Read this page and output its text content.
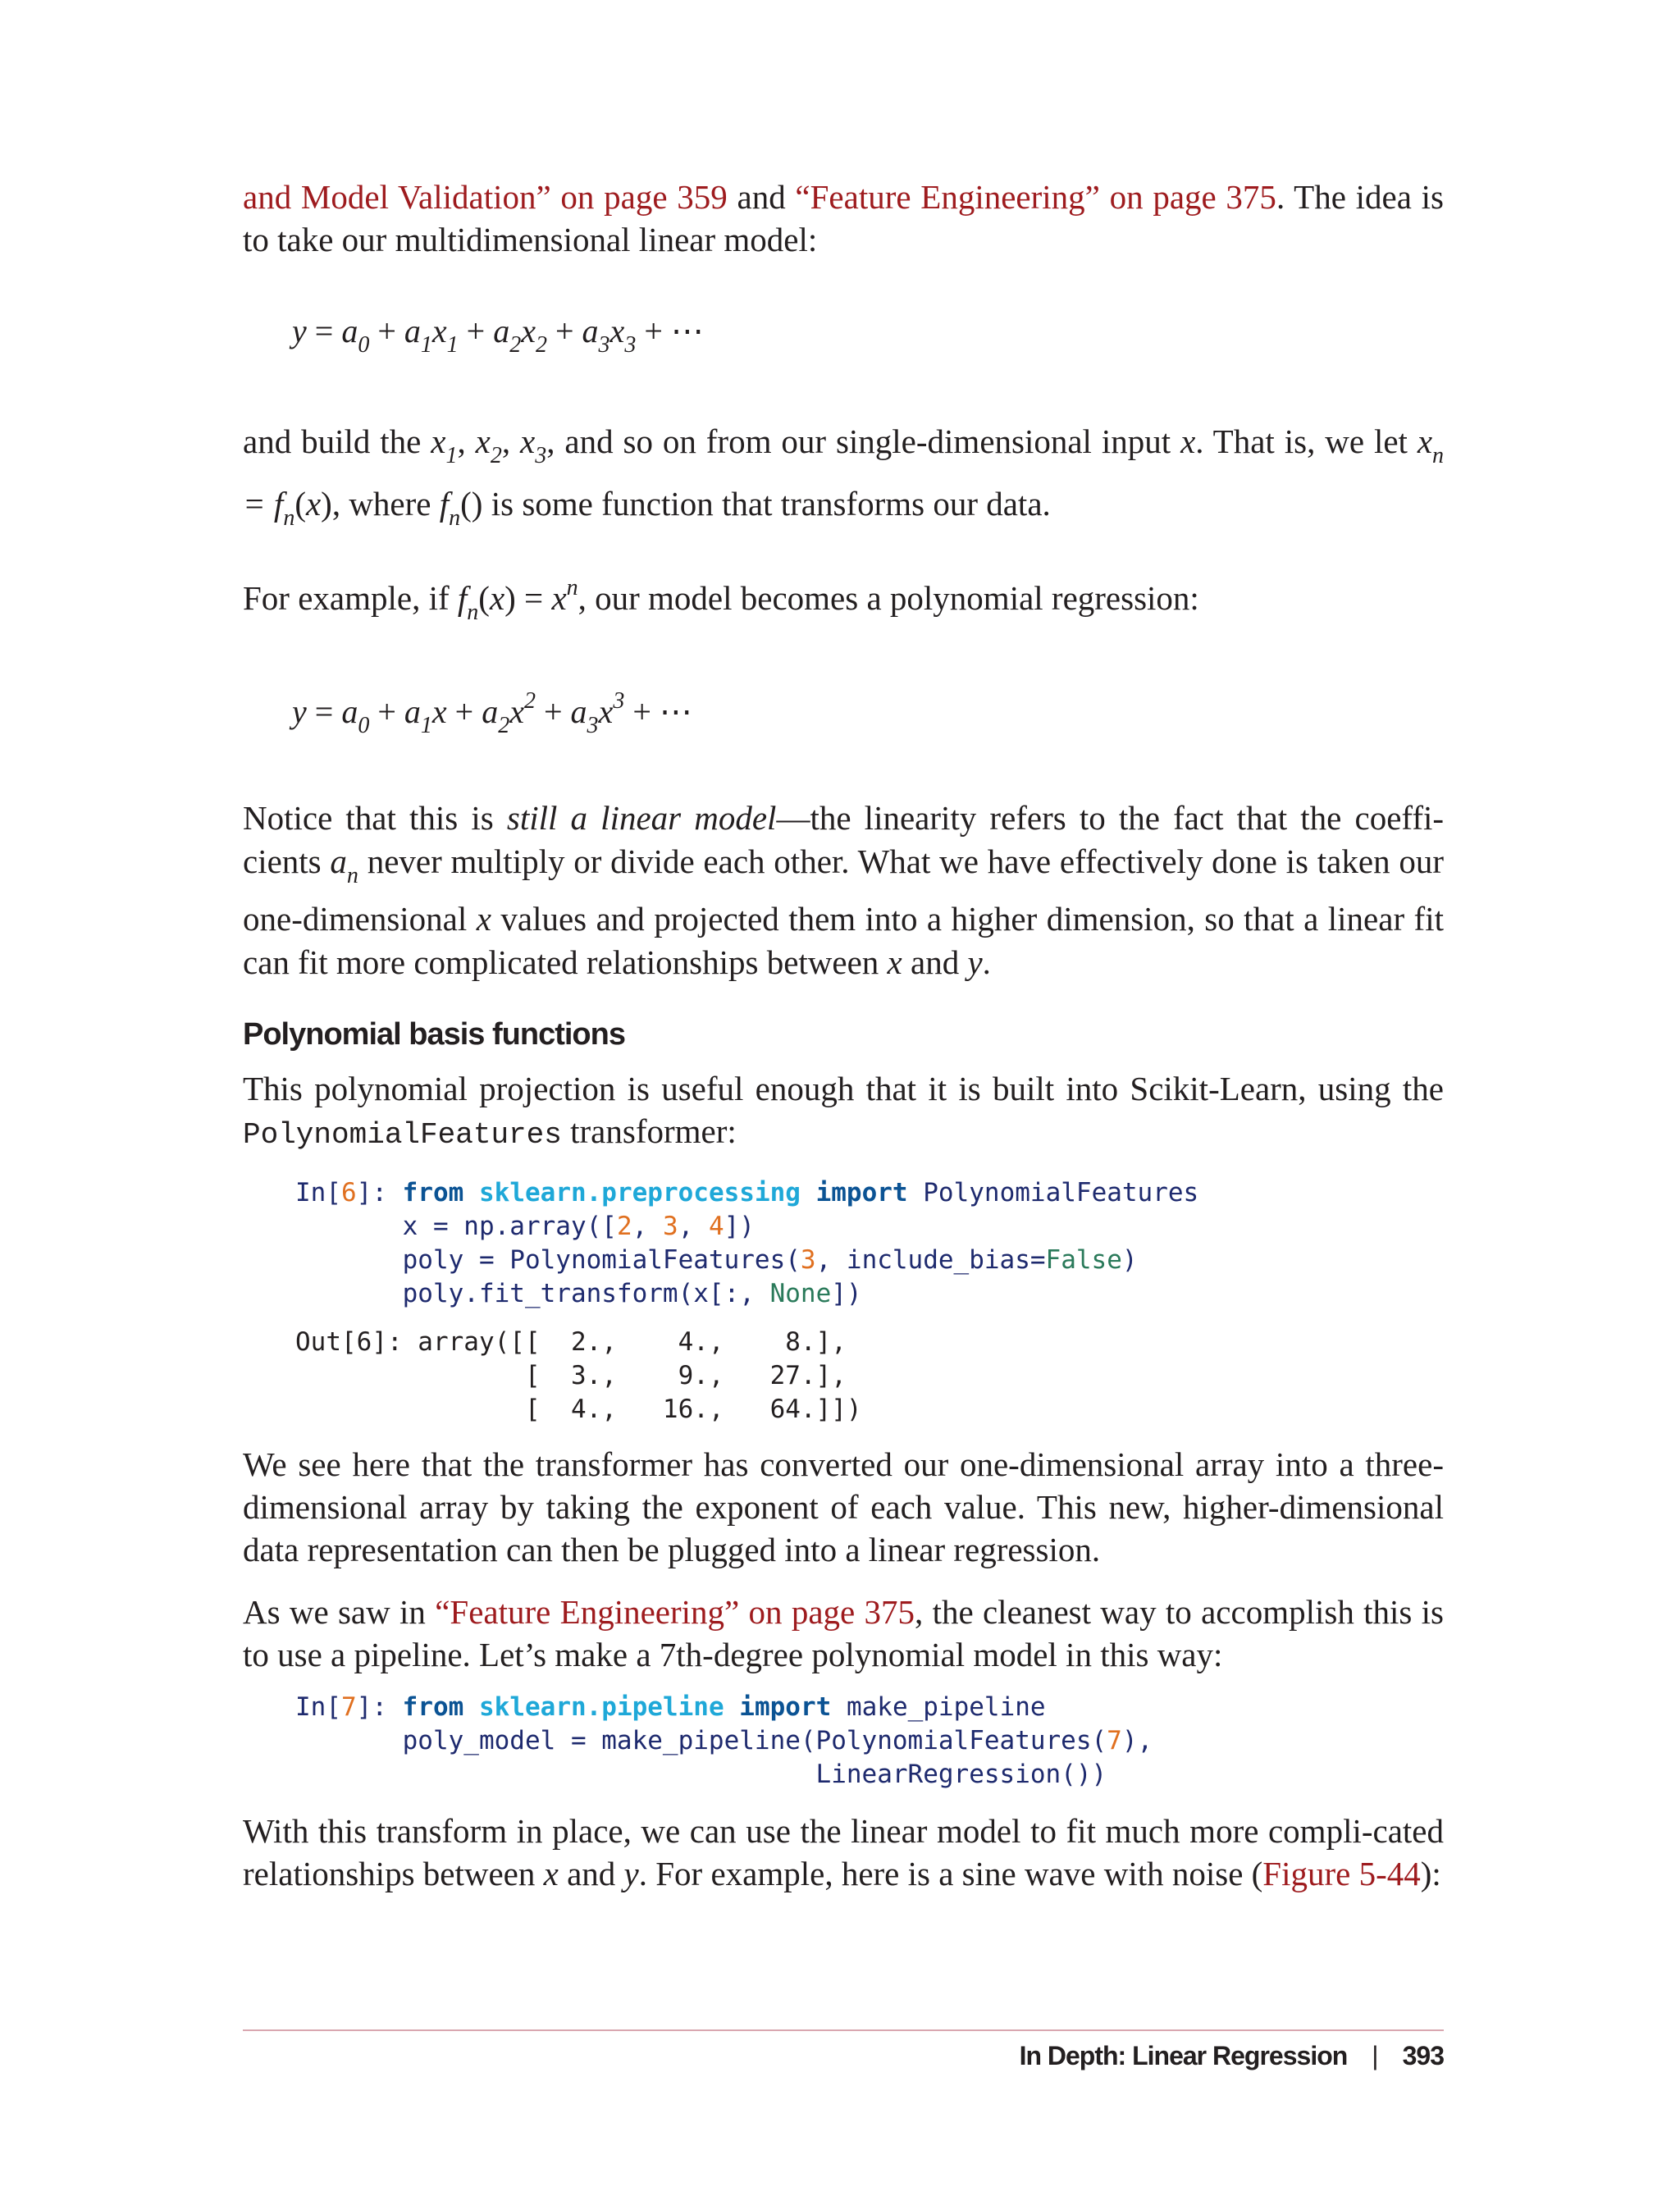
and Model Validation” on page 359 and “Feature Engineering” on page 375. The idea is to take our multidimensional linear model:

$y = a_0 + a_1x_1 + a_2x_2 + a_3x_3$ + ⋯

and build the $x_1$, $x_2$, $x_3$, and so on from our single-dimensional input x. That is, we let $x_n = f_n(x)$, where $f_n()$ is some function that transforms our data.

For example, if $f_n(x) = x^n$, our model becomes a polynomial regression:

$y = a_0 + a_1x + a_2x^2 + a_3x^3$ + ⋯

Notice that this is still a linear model—the linearity refers to the fact that the coeffi-cients $a_n$ never multiply or divide each other. What we have effectively done is taken our one-dimensional x values and projected them into a higher dimension, so that a linear fit can fit more complicated relationships between x and y.

Polynomial basis functions

This polynomial projection is useful enough that it is built into Scikit-Learn, using the PolynomialFeatures transformer:

In[6]: from sklearn.preprocessing import PolynomialFeatures
x = np.array([2, 3, 4])
poly = PolynomialFeatures(3, include_bias=False)
poly.fit_transform(x[:, None])
Out[6]: array([[  2.,    4.,    8.],
[  3.,    9.,   27.],
[  4.,   16.,   64.]])

We see here that the transformer has converted our one-dimensional array into a three-dimensional array by taking the exponent of each value. This new, higher-dimensional data representation can then be plugged into a linear regression.

As we saw in “Feature Engineering” on page 375, the cleanest way to accomplish this is to use a pipeline. Let’s make a 7th-degree polynomial model in this way:

In[7]: from sklearn.pipeline import make_pipeline
poly_model = make_pipeline(PolynomialFeatures(7),
LinearRegression())

With this transform in place, we can use the linear model to fit much more compli-cated relationships between x and y. For example, here is a sine wave with noise (Figure 5-44):

In Depth: Linear Regression | 393
